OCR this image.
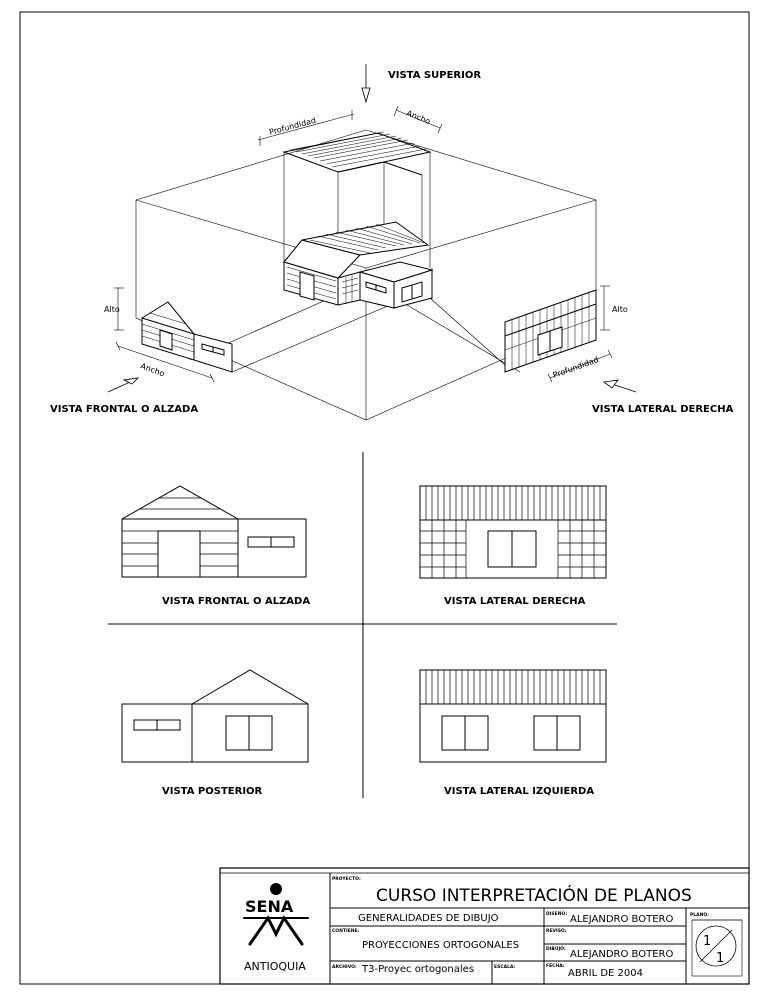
VISTA SUPERIOR
VISTA FRONTAL O ALZADA	VISTA LATERAL DERECHA
VISTA FRONTAL O ALZADA	VISTA LATERAL DERECHA
VISTA POSTERIOR	VISTA LATERAL IZQUIERDA
Profundidad	Ancho
Alto
Ancho
Alto
Profundidad
SENA
ANTIOQUIA
PROYECTO:
CURSO INTERPRETACIÓN DE PLANOS
GENERALIDADES DE DIBUJO
CONTIENE:
PROYECCIONES ORTOGONALES
ARCHIVO: T3-Proyec ortogonales	ESCALA:
DISEÑO: ALEJANDRO BOTERO
REVISÓ:
DIBUJÓ: ALEJANDRO BOTERO
FECHA:
ABRIL DE 2004
PLANO:
1
1
